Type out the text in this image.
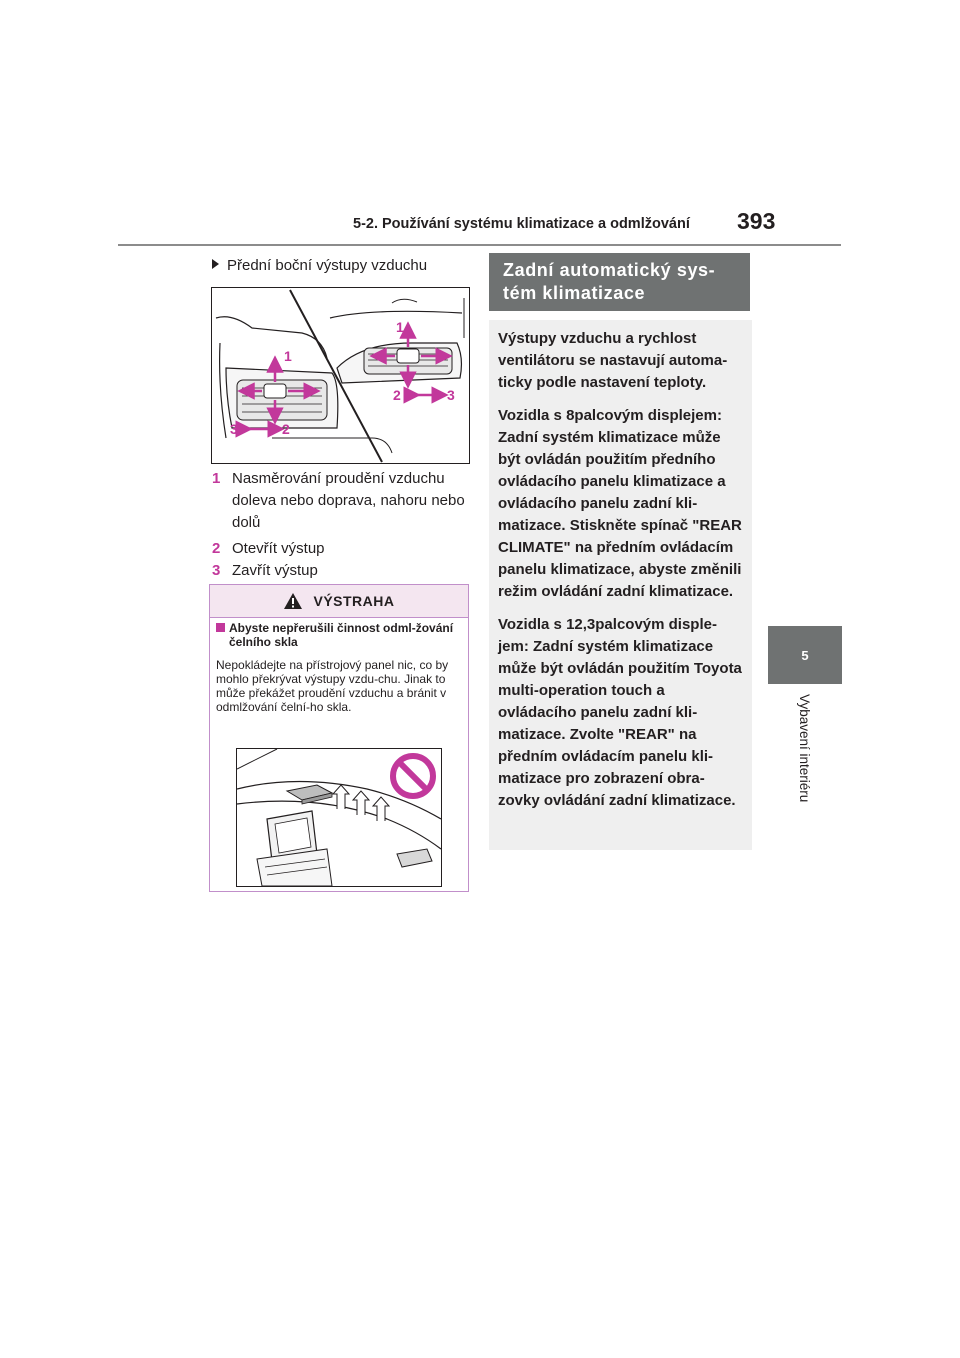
5-2. Používání systému klimatizace a odmlžování 393
5
Vybavení interiéru
Přední boční výstupy vzduchu
1
1
2	3
3	2
1 Nasměrování proudění vzduchu doleva nebo doprava, nahoru nebo dolů
2 Otevřít výstup
3 Zavřít výstup
VÝSTRAHA
Abyste nepřerušili činnost odml-žování čelního skla
Nepokládejte na přístrojový panel nic, co by mohlo překrývat výstupy vzdu-chu. Jinak to může překážet proudění vzduchu a bránit v odmlžování čelní-ho skla.
Zadní automatický sys-tém klimatizace

Výstupy vzduchu a rychlost ventilátoru se nastavují automa-ticky podle nastavení teploty.

Vozidla s 8palcovým displejem: Zadní systém klimatizace může být ovládán použitím předního ovládacího panelu klimatizace a ovládacího panelu zadní kli-matizace. Stiskněte spínač "REAR CLIMATE" na předním ovládacím panelu klimatizace, abyste změnili režim ovládání zadní klimatizace.

Vozidla s 12,3palcovým disple-jem: Zadní systém klimatizace může být ovládán použitím Toyota multi-operation touch a ovládacího panelu zadní kli-matizace. Zvolte "REAR" na předním ovládacím panelu kli-matizace pro zobrazení obra-zovky ovládání zadní klimatizace.
